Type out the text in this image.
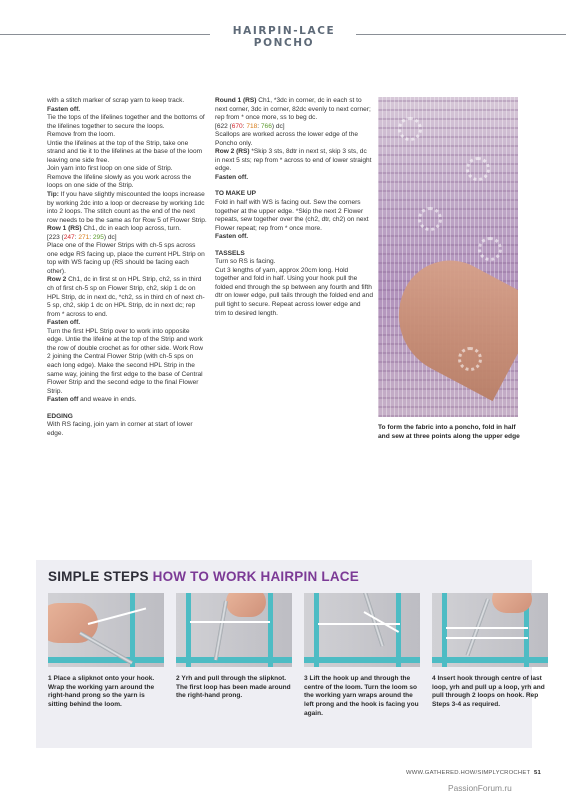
HAIRPIN-LACE PONCHO

with a stitch marker of scrap yarn to keep track.

Fasten off.

Tie the tops of the lifelines together and the bottoms of the lifelines together to secure the loops.

Remove from the loom.

Untie the lifelines at the top of the Strip, take one strand and tie it to the lifelines at the base of the loom leaving one side free.

Join yarn into first loop on one side of Strip.

Remove the lifeline slowly as you work across the loops on one side of the Strip.

Tip: If you have slightly miscounted the loops increase by working 2dc into a loop or decrease by working 1dc into 2 loops. The stitch count as the end of the next row needs to be the same as for Row 5 of Flower Strip.

Row 1 (RS) Ch1, dc in each loop across, turn.
[223 (247: 271: 295) dc]

Place one of the Flower Strips with ch-5 sps across one edge RS facing up, place the current HPL Strip on top with WS facing up (RS should be facing each other).

Row 2 Ch1, dc in first st on HPL Strip, ch2, ss in third ch of first ch-5 sp on Flower Strip, ch2, skip 1 dc on HPL Strip, dc in next dc, *ch2, ss in third ch of next ch-5 sp, ch2, skip 1 dc on HPL Strip, dc in next dc; rep from * across to end.

Fasten off.

Turn the first HPL Strip over to work into opposite edge. Untie the lifeline at the top of the Strip and work the row of double crochet as for other side. Work Row 2 joining the Central Flower Strip (with ch-5 sps on each long edge). Make the second HPL Strip in the same way, joining the first edge to the base of Central Flower Strip and the second edge to the final Flower Strip.

Fasten off and weave in ends.

EDGING

With RS facing, join yarn in corner at start of lower edge.

Round 1 (RS) Ch1, *3dc in corner, dc in each st to next corner, 3dc in corner, 82dc evenly to next corner; rep from * once more, ss to beg dc.
[622 (670: 718: 766) dc]

Scallops are worked across the lower edge of the Poncho only.

Row 2 (RS) *Skip 3 sts, 8dtr in next st, skip 3 sts, dc in next 5 sts; rep from * across to end of lower straight edge.

Fasten off.

TO MAKE UP

Fold in half with WS is facing out. Sew the corners together at the upper edge. *Skip the next 2 Flower repeats, sew together over the (ch2, dtr, ch2) on next Flower repeat; rep from * once more.

Fasten off.

TASSELS

Turn so RS is facing.

Cut 3 lengths of yarn, approx 20cm long. Hold together and fold in half. Using your hook pull the folded end through the sp between any fourth and fifth dtr on lower edge, pull tails through the folded end and pull tight to secure. Repeat across lower edge and trim to desired length.

To form the fabric into a poncho, fold in half and sew at three points along the upper edge
SIMPLE STEPS HOW TO WORK HAIRPIN LACE
1 Place a slipknot onto your hook. Wrap the working yarn around the right-hand prong so the yarn is sitting behind the loom.
2 Yrh and pull through the slipknot. The first loop has been made around the right-hand prong.
3 Lift the hook up and through the centre of the loom. Turn the loom so the working yarn wraps around the left prong and the hook is facing you again.
4 Insert hook through centre of last loop, yrh and pull up a loop, yrh and pull through 2 loops on hook. Rep Steps 3-4 as required.
WWW.GATHERED.HOW/SIMPLYCROCHET 51
PassionForum.ru
